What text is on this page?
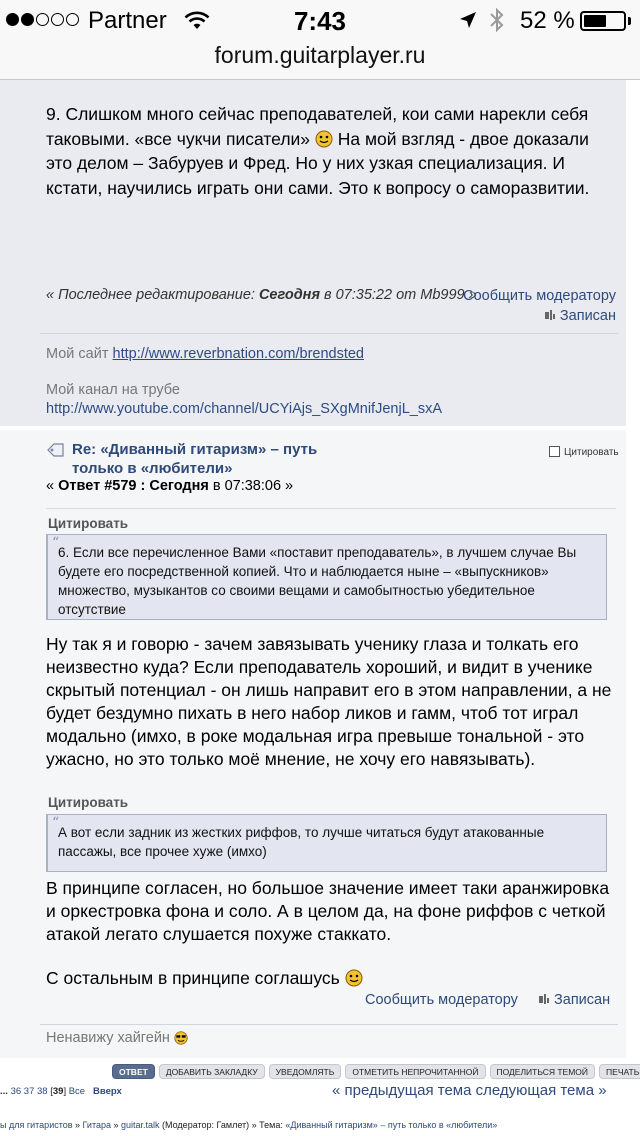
Partner	7:43	52 %
forum.guitarplayer.ru
9. Слишком много сейчас преподавателей, кои сами нарекли себя таковыми. «все чукчи писатели»  На мой взгляд - двое доказали это делом – Забуруев и Фред. Но у них узкая специализация. И кстати, научились играть они сами. Это к вопросу о саморазвитии.
« Последнее редактирование: Сегодня в 07:35:22 от Mb999 »
Сообщить модератору Записан
Мой сайт http://www.reverbnation.com/brendsted
Мой канал на трубе
http://www.youtube.com/channel/UCYiAjs_SXgMnifJenjL_sxA
Re: «Диванный гитаризм» – путь только в «любители»
Цитировать
« Ответ #579 : Сегодня в 07:38:06 »
Цитировать
“
6. Если все перечисленное Вами «поставит преподаватель», в лучшем случае Вы будете его посредственной копией. Что и наблюдается ныне – «выпускников» множество, музыкантов со своими вещами и самобытностью убедительное отсутствие
Ну так я и говорю - зачем завязывать ученику глаза и толкать его неизвестно куда? Если преподаватель хороший, и видит в ученике скрытый потенциал - он лишь направит его в этом направлении, а не будет бездумно пихать в него набор ликов и гамм, чтоб тот играл модально (имхо, в роке модальная игра превыше тональной - это ужасно, но это только моё мнение, не хочу его навязывать).
Цитировать
“
А вот если задник из жестких риффов, то лучше читаться будут атакованные пассажы, все прочее хуже (имхо)
В принципе согласен, но большое значение имеет таки аранжировка и оркестровка фона и соло. А в целом да, на фоне риффов с четкой атакой легато слушается похуже стаккато.
С остальным в принципе соглашусь
Сообщить модератору	Записан
Ненавижу хайгейн
ОТВЕТ	ДОБАВИТЬ ЗАКЛАДКУ	УВЕДОМЛЯТЬ	ОТМЕТИТЬ НЕПРОЧИТАННОЙ	ПОДЕЛИТЬСЯ ТЕМОЙ	ПЕЧАТЬ
... 36 37 38 [39] Все Вверх	« предыдущая тема следующая тема »
ы для гитаристов » Гитара » guitar.talk (Модератор: Гамлет) » Тема: «Диванный гитаризм» – путь только в «любители»
